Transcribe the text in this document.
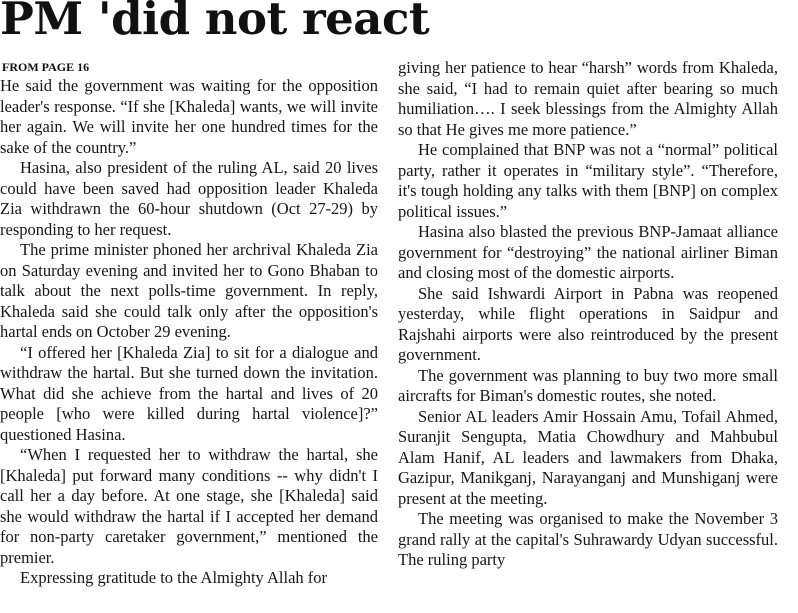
PM 'did not react
FROM PAGE 16

He said the government was waiting for the opposition leader's response. “If she [Khaleda] wants, we will invite her again. We will invite her one hundred times for the sake of the country.”

Hasina, also president of the ruling AL, said 20 lives could have been saved had opposition leader Khaleda Zia withdrawn the 60-hour shutdown (Oct 27-29) by responding to her request.

The prime minister phoned her archrival Khaleda Zia on Saturday evening and invited her to Gono Bhaban to talk about the next polls-time government. In reply, Khaleda said she could talk only after the opposition's hartal ends on October 29 evening.

“I offered her [Khaleda Zia] to sit for a dialogue and withdraw the hartal. But she turned down the invitation. What did she achieve from the hartal and lives of 20 people [who were killed during hartal violence]?” questioned Hasina.

“When I requested her to withdraw the hartal, she [Khaleda] put forward many conditions -- why didn't I call her a day before. At one stage, she [Khaleda] said she would withdraw the hartal if I accepted her demand for non-party caretaker government,” mentioned the premier.

Expressing gratitude to the Almighty Allah for

giving her patience to hear “harsh” words from Khaleda, she said, “I had to remain quiet after bearing so much humiliation…. I seek blessings from the Almighty Allah so that He gives me more patience.”

He complained that BNP was not a “normal” political party, rather it operates in “military style”. “Therefore, it's tough holding any talks with them [BNP] on complex political issues.”

Hasina also blasted the previous BNP-Jamaat alliance government for “destroying” the national airliner Biman and closing most of the domestic airports.

She said Ishwardi Airport in Pabna was reopened yesterday, while flight operations in Saidpur and Rajshahi airports were also reintroduced by the present government.

The government was planning to buy two more small aircrafts for Biman's domestic routes, she noted.

Senior AL leaders Amir Hossain Amu, Tofail Ahmed, Suranjit Sengupta, Matia Chowdhury and Mahbubul Alam Hanif, AL leaders and lawmakers from Dhaka, Gazipur, Manikganj, Narayanganj and Munshiganj were present at the meeting.

The meeting was organised to make the November 3 grand rally at the capital's Suhrawardy Udyan successful. The ruling party
